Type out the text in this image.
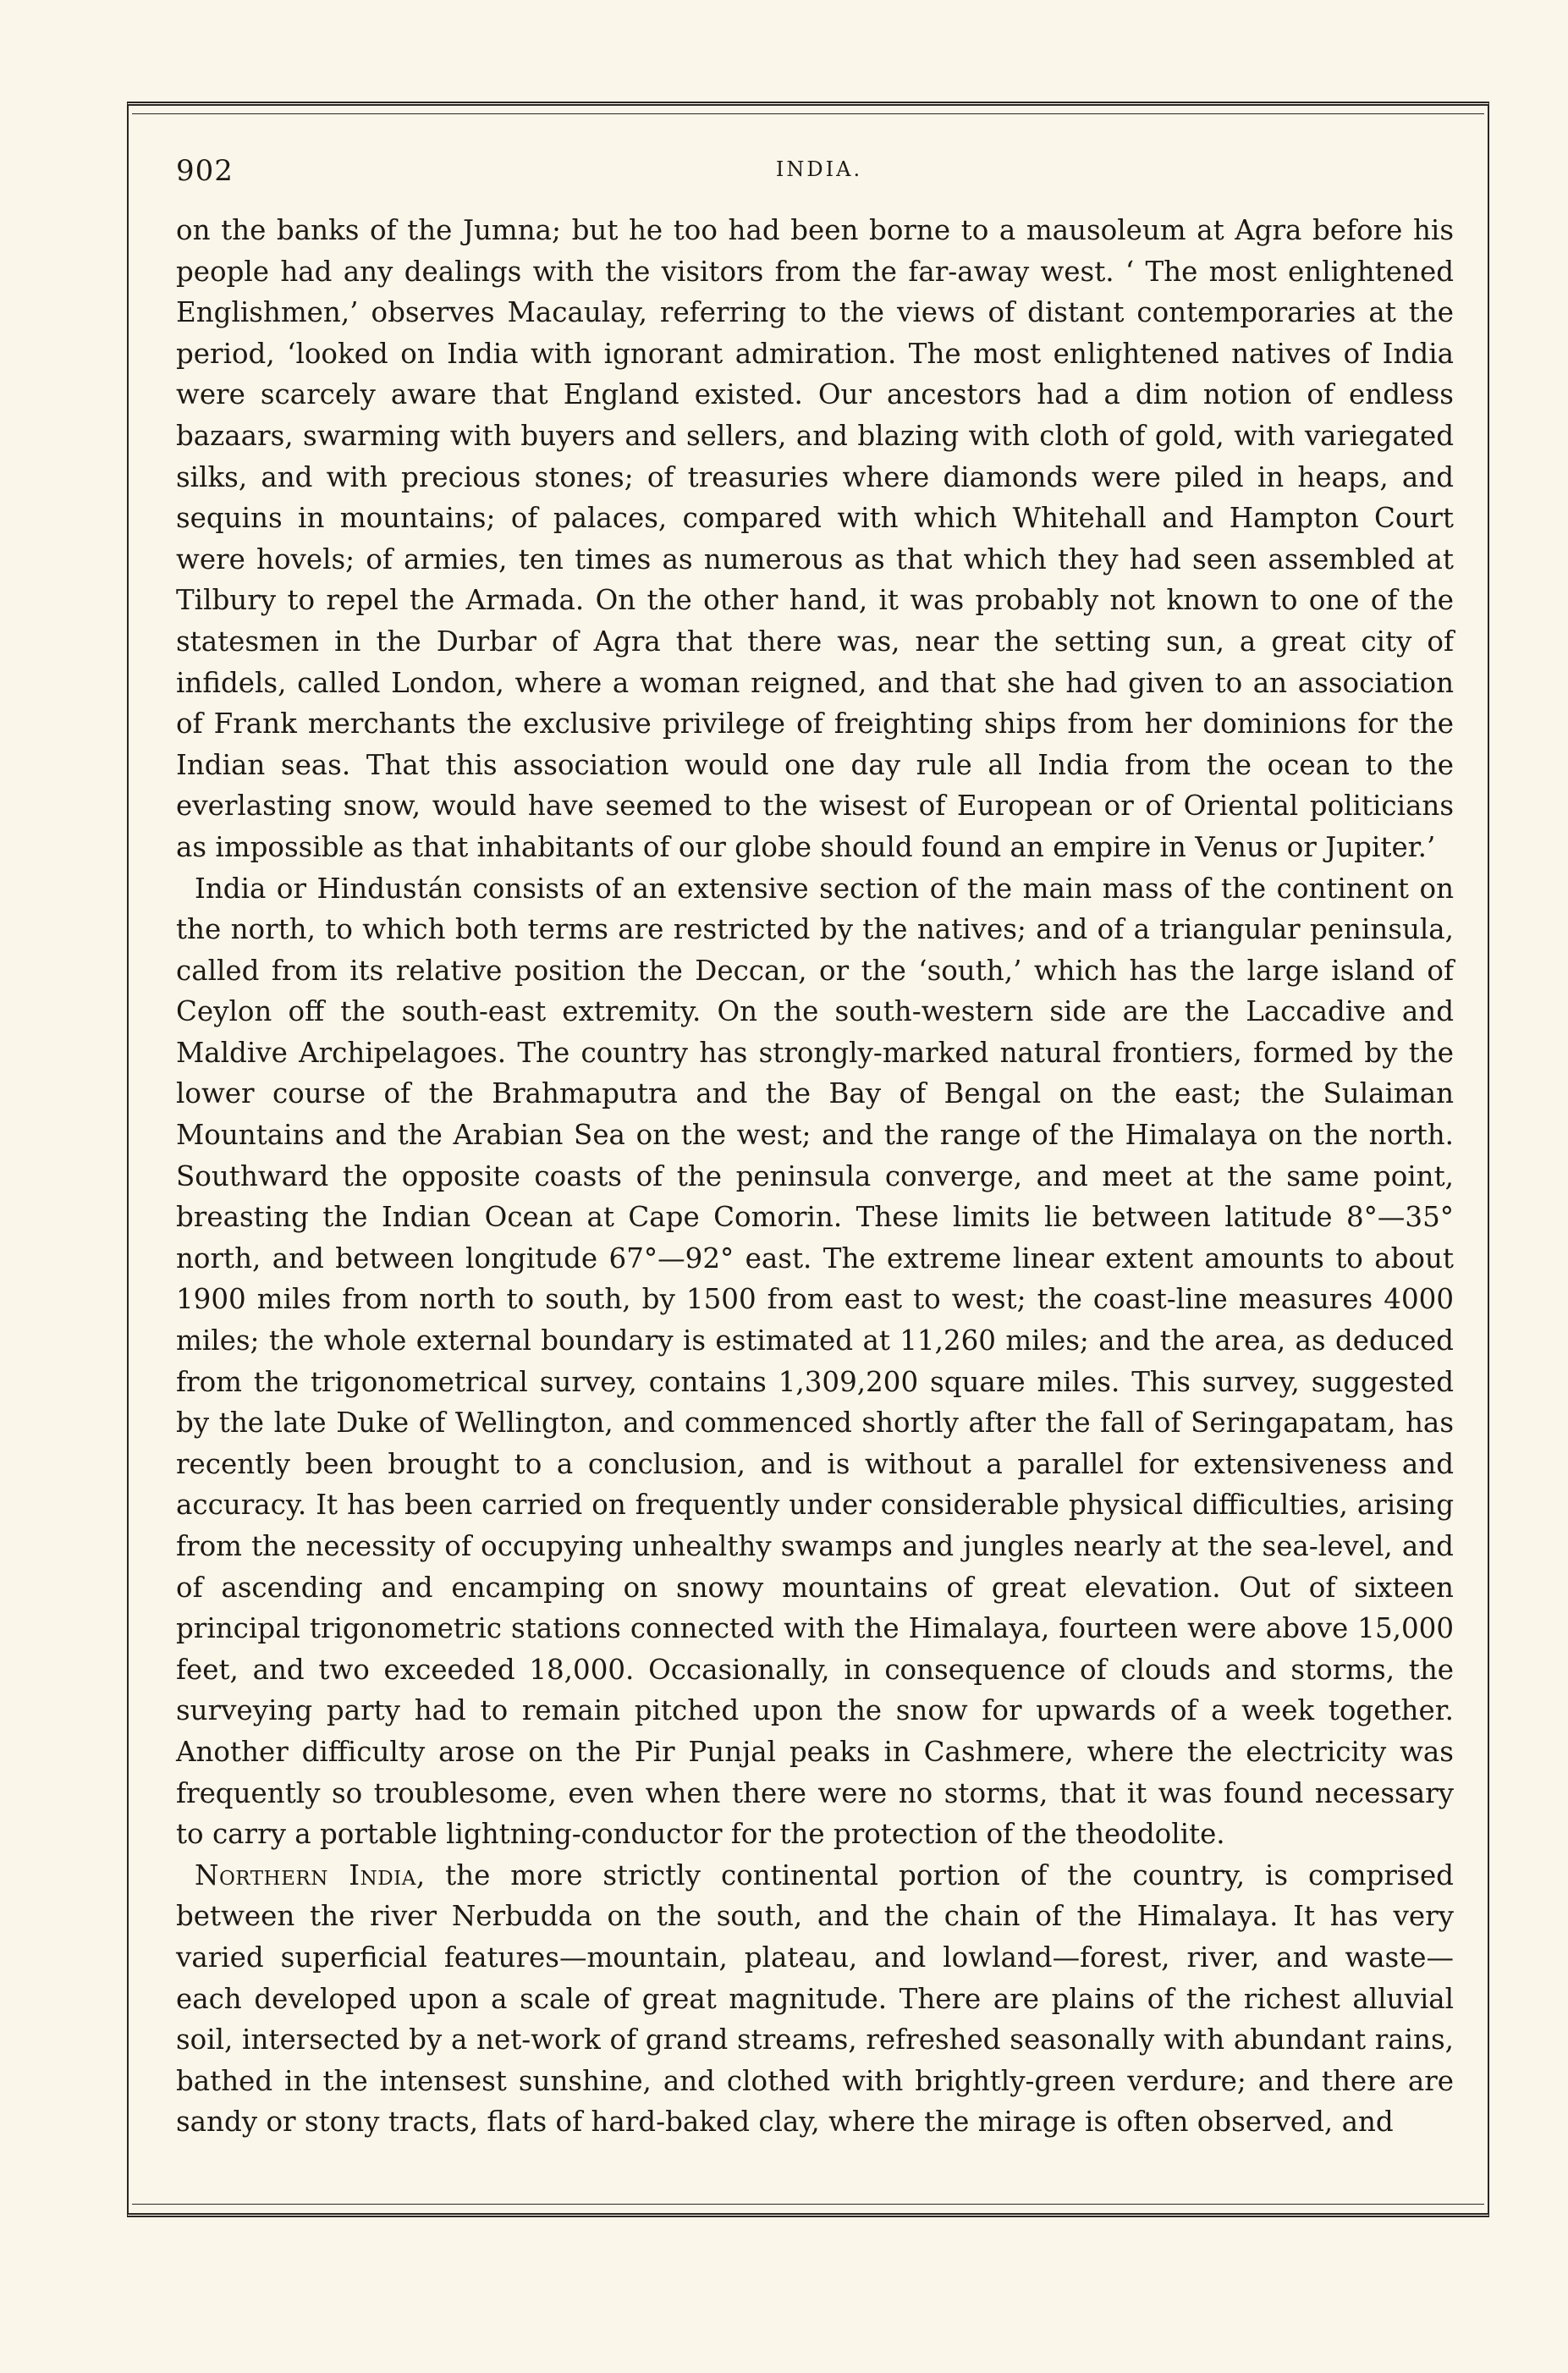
902	INDIA.

on the banks of the Jumna; but he too had been borne to a mausoleum at Agra before his people had any dealings with the visitors from the far-away west. ‘ The most enlightened Englishmen,’ observes Macaulay, referring to the views of distant contemporaries at the period, ‘looked on India with ignorant admiration. The most enlightened natives of India were scarcely aware that England existed. Our ancestors had a dim notion of endless bazaars, swarming with buyers and sellers, and blazing with cloth of gold, with variegated silks, and with precious stones; of treasuries where diamonds were piled in heaps, and sequins in mountains; of palaces, compared with which Whitehall and Hampton Court were hovels; of armies, ten times as numerous as that which they had seen assembled at Tilbury to repel the Armada. On the other hand, it was probably not known to one of the statesmen in the Durbar of Agra that there was, near the setting sun, a great city of infidels, called London, where a woman reigned, and that she had given to an association of Frank merchants the exclusive privilege of freighting ships from her dominions for the Indian seas. That this association would one day rule all India from the ocean to the everlasting snow, would have seemed to the wisest of European or of Oriental politicians as impossible as that inhabitants of our globe should found an empire in Venus or Jupiter.’

India or Hindustán consists of an extensive section of the main mass of the continent on the north, to which both terms are restricted by the natives; and of a triangular peninsula, called from its relative position the Deccan, or the ‘south,’ which has the large island of Ceylon off the south-east extremity. On the south-western side are the Laccadive and Maldive Archipelagoes. The country has strongly-marked natural frontiers, formed by the lower course of the Brahmaputra and the Bay of Bengal on the east; the Sulaiman Mountains and the Arabian Sea on the west; and the range of the Himalaya on the north. Southward the opposite coasts of the peninsula converge, and meet at the same point, breasting the Indian Ocean at Cape Comorin. These limits lie between latitude 8°—35° north, and between longitude 67°—92° east. The extreme linear extent amounts to about 1900 miles from north to south, by 1500 from east to west; the coast-line measures 4000 miles; the whole external boundary is estimated at 11,260 miles; and the area, as deduced from the trigonometrical survey, contains 1,309,200 square miles. This survey, suggested by the late Duke of Wellington, and commenced shortly after the fall of Seringapatam, has recently been brought to a conclusion, and is without a parallel for extensiveness and accuracy. It has been carried on frequently under considerable physical difficulties, arising from the necessity of occupying unhealthy swamps and jungles nearly at the sea-level, and of ascending and encamping on snowy mountains of great elevation. Out of sixteen principal trigonometric stations connected with the Himalaya, fourteen were above 15,000 feet, and two exceeded 18,000. Occasionally, in consequence of clouds and storms, the surveying party had to remain pitched upon the snow for upwards of a week together. Another difficulty arose on the Pir Punjal peaks in Cashmere, where the electricity was frequently so troublesome, even when there were no storms, that it was found necessary to carry a portable lightning-conductor for the protection of the theodolite.

Northern India, the more strictly continental portion of the country, is comprised between the river Nerbudda on the south, and the chain of the Himalaya. It has very varied superficial features—mountain, plateau, and lowland—forest, river, and waste—each developed upon a scale of great magnitude. There are plains of the richest alluvial soil, intersected by a net-work of grand streams, refreshed seasonally with abundant rains, bathed in the intensest sunshine, and clothed with brightly-green verdure; and there are sandy or stony tracts, flats of hard-baked clay, where the mirage is often observed, and
